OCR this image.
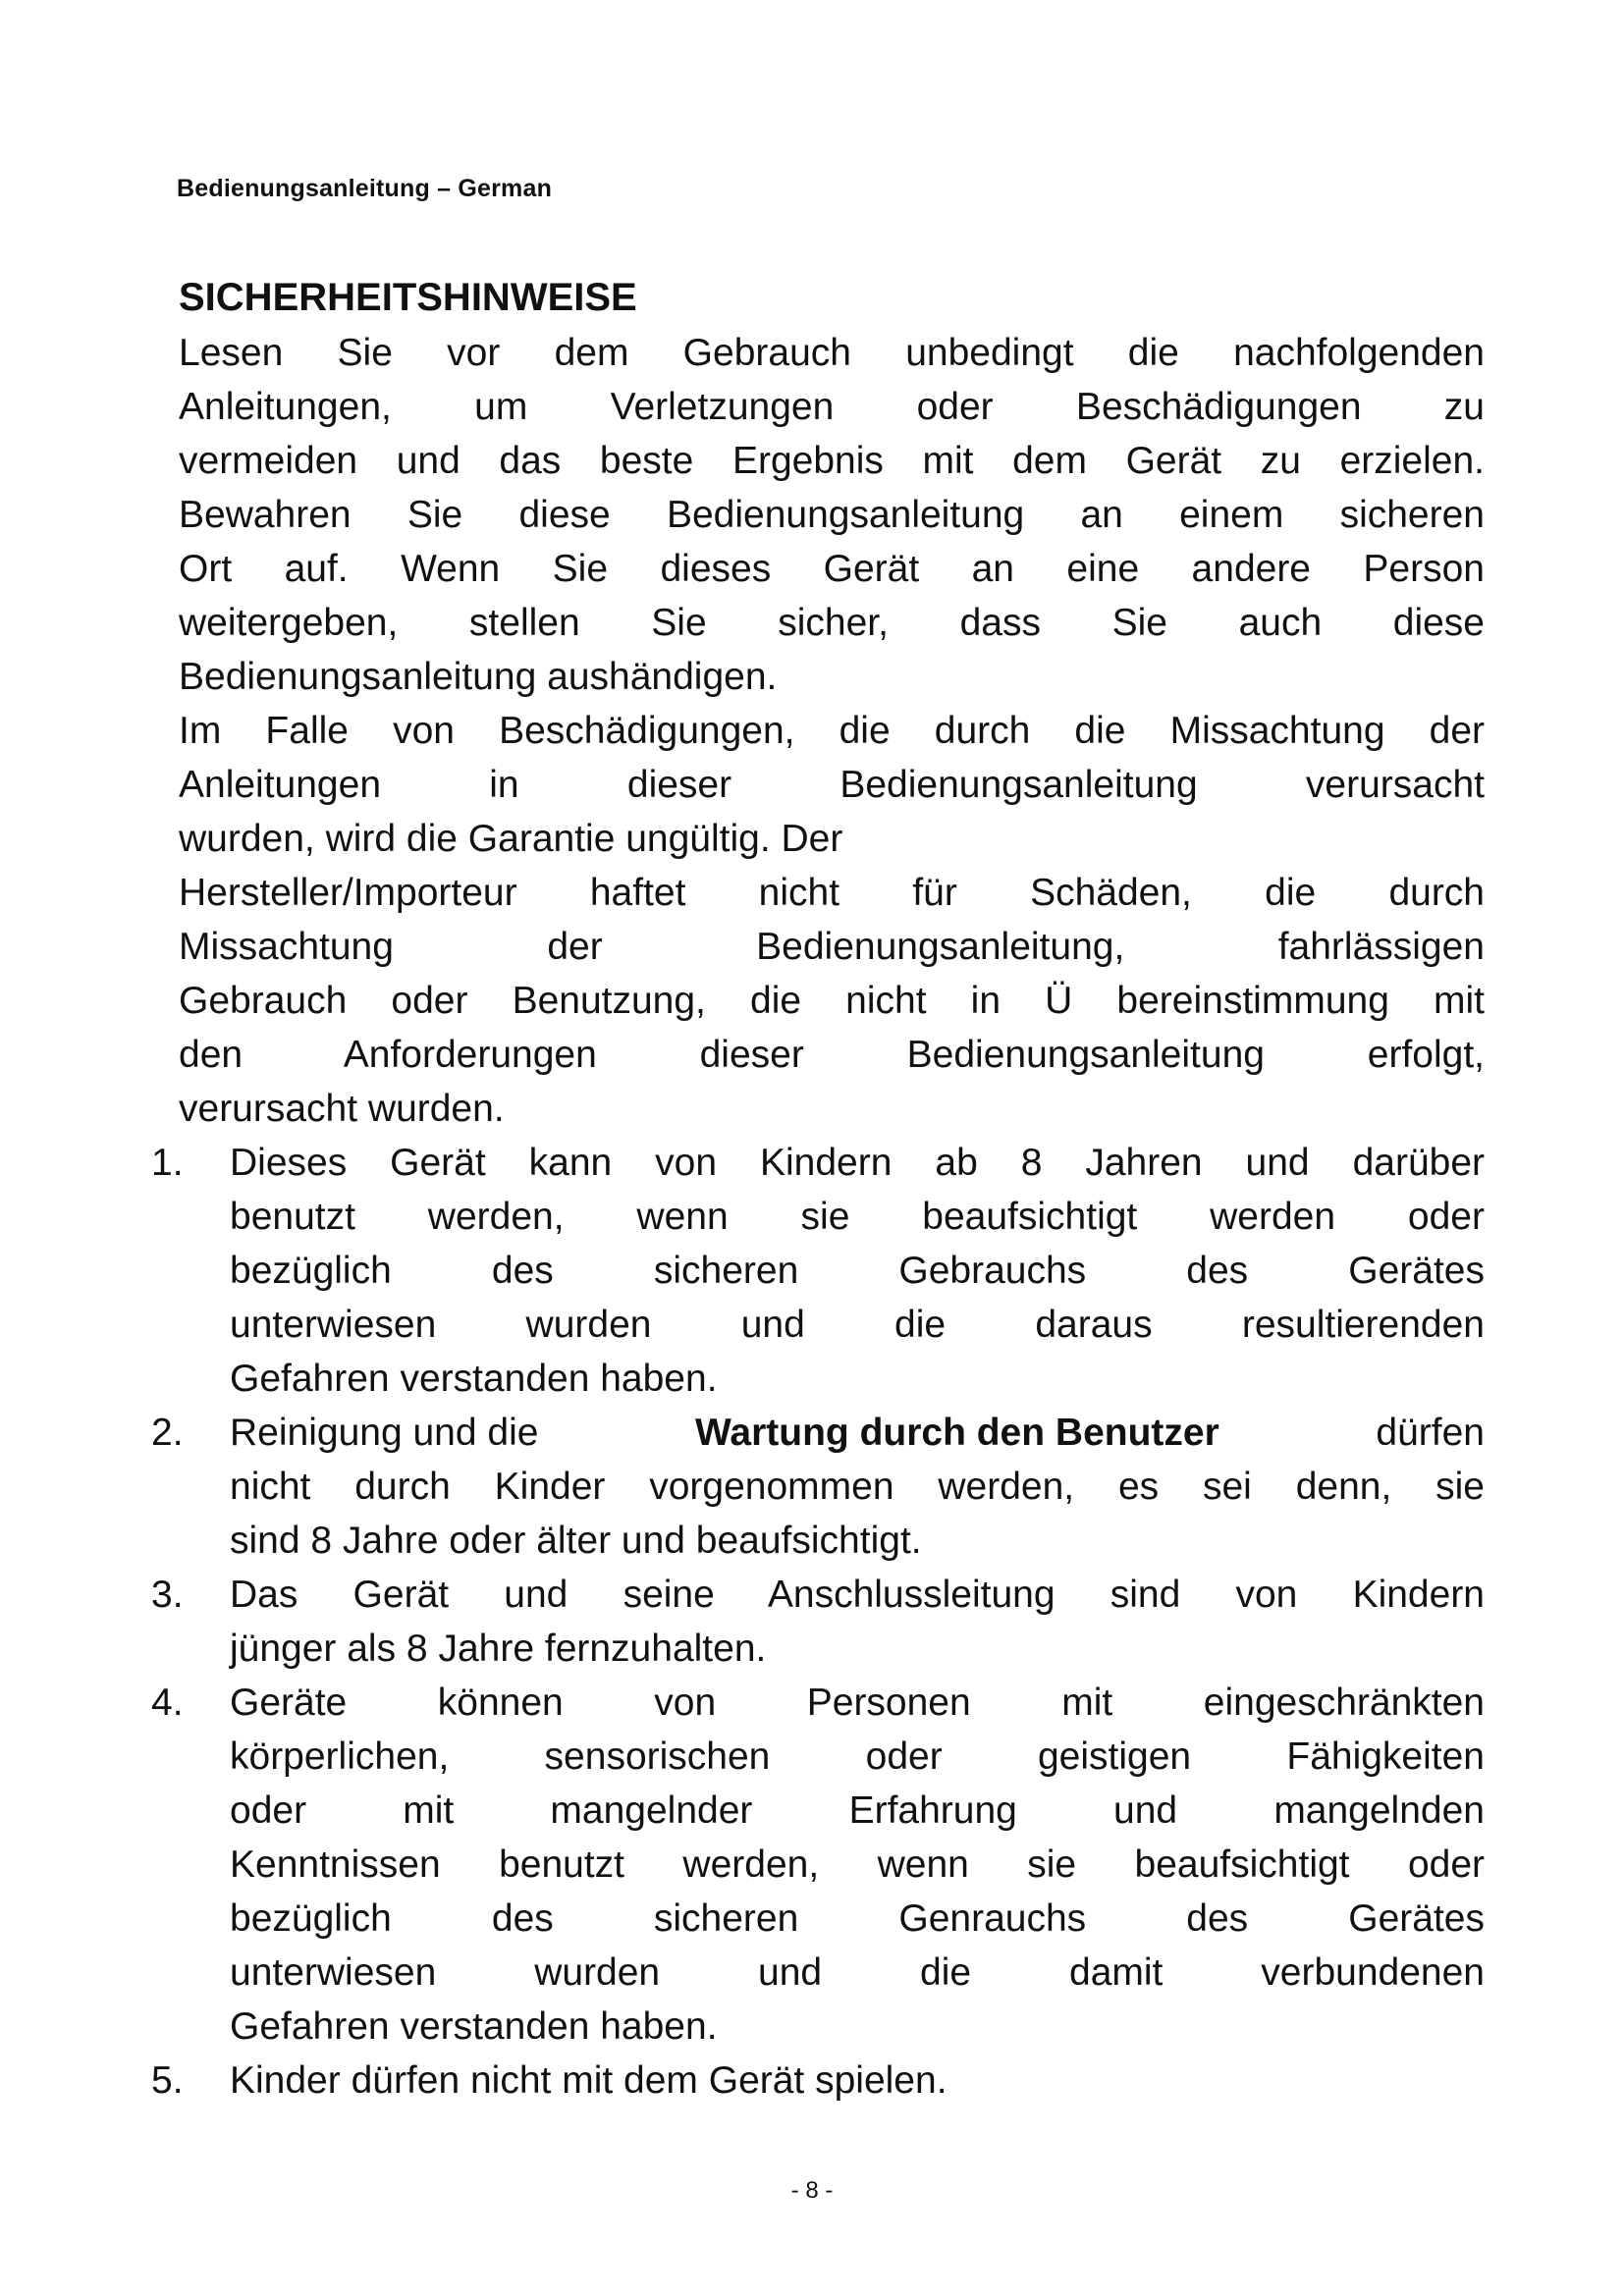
Bedienungsanleitung – German
SICHERHEITSHINWEISE

Lesen Sie vor dem Gebrauch unbedingt die nachfolgenden
Anleitungen, um Verletzungen oder Beschädigungen zu
vermeiden und das beste Ergebnis mit dem Gerät zu erzielen.
Bewahren Sie diese Bedienungsanleitung an einem sicheren
Ort auf. Wenn Sie dieses Gerät an eine andere Person
weitergeben, stellen Sie sicher, dass Sie auch diese
Bedienungsanleitung aushändigen.
Im Falle von Beschädigungen, die durch die Missachtung der
Anleitungen in dieser Bedienungsanleitung verursacht
wurden, wird die Garantie ungültig. Der
Hersteller/Importeur haftet nicht für Schäden, die durch
Missachtung der Bedienungsanleitung, fahrlässigen
Gebrauch oder Benutzung, die nicht in Ü bereinstimmung mit
den Anforderungen dieser Bedienungsanleitung erfolgt,
verursacht wurden.

1.	Dieses Gerät kann von Kindern ab 8 Jahren und darüber
benutzt werden, wenn sie beaufsichtigt werden oder
bezüglich des sicheren Gebrauchs des Gerätes
unterwiesen wurden und die daraus resultierenden
Gefahren verstanden haben.
2.	Reinigung und die	Wartung durch den Benutzer	dürfen
nicht durch Kinder vorgenommen werden, es sei denn, sie
sind 8 Jahre oder älter und beaufsichtigt.
3.	Das Gerät und seine Anschlussleitung sind von Kindern
jünger als 8 Jahre fernzuhalten.
4.	Geräte können von Personen mit eingeschränkten
körperlichen, sensorischen oder geistigen Fähigkeiten
oder mit mangelnder Erfahrung und mangelnden
Kenntnissen benutzt werden, wenn sie beaufsichtigt oder
bezüglich des sicheren Genrauchs des Gerätes
unterwiesen wurden und die damit verbundenen
Gefahren verstanden haben.
5.	Kinder dürfen nicht mit dem Gerät spielen.
- 8 -
